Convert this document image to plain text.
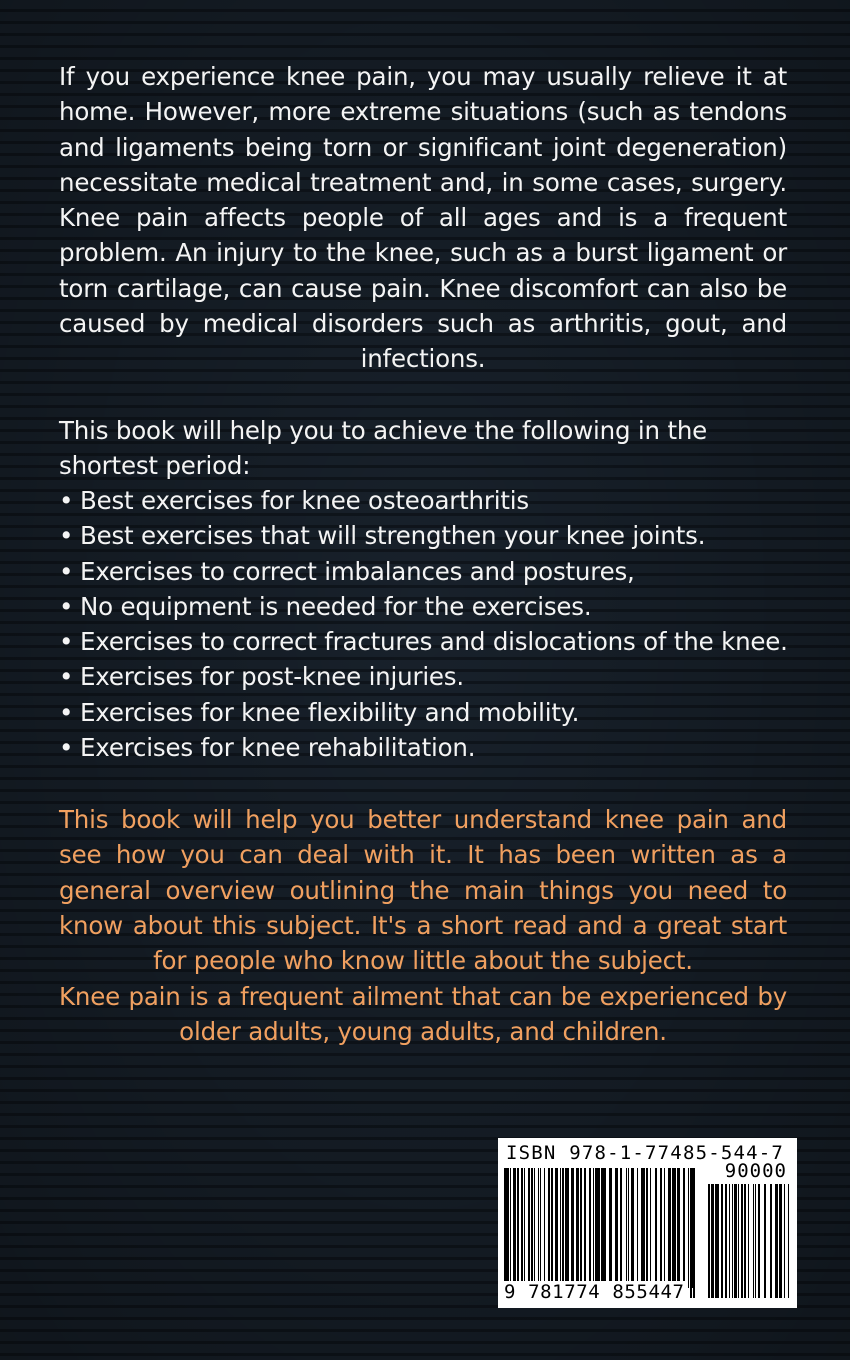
If you experience knee pain, you may usually relieve it at home. However, more extreme situations (such as tendons and ligaments being torn or significant joint degeneration) necessitate medical treatment and, in some cases, surgery. Knee pain affects people of all ages and is a frequent problem. An injury to the knee, such as a burst ligament or torn cartilage, can cause pain. Knee discomfort can also be caused by medical disorders such as arthritis, gout, and infections.
This book will help you to achieve the following in the shortest period:
• Best exercises for knee osteoarthritis
• Best exercises that will strengthen your knee joints.
• Exercises to correct imbalances and postures,
• No equipment is needed for the exercises.
• Exercises to correct fractures and dislocations of the knee.
• Exercises for post-knee injuries.
• Exercises for knee flexibility and mobility.
• Exercises for knee rehabilitation.
This book will help you better understand knee pain and see how you can deal with it. It has been written as a general overview outlining the main things you need to know about this subject. It's a short read and a great start for people who know little about the subject.
Knee pain is a frequent ailment that can be experienced by older adults, young adults, and children.
ISBN 978-1-77485-544-7
90000
9 781774 855447
